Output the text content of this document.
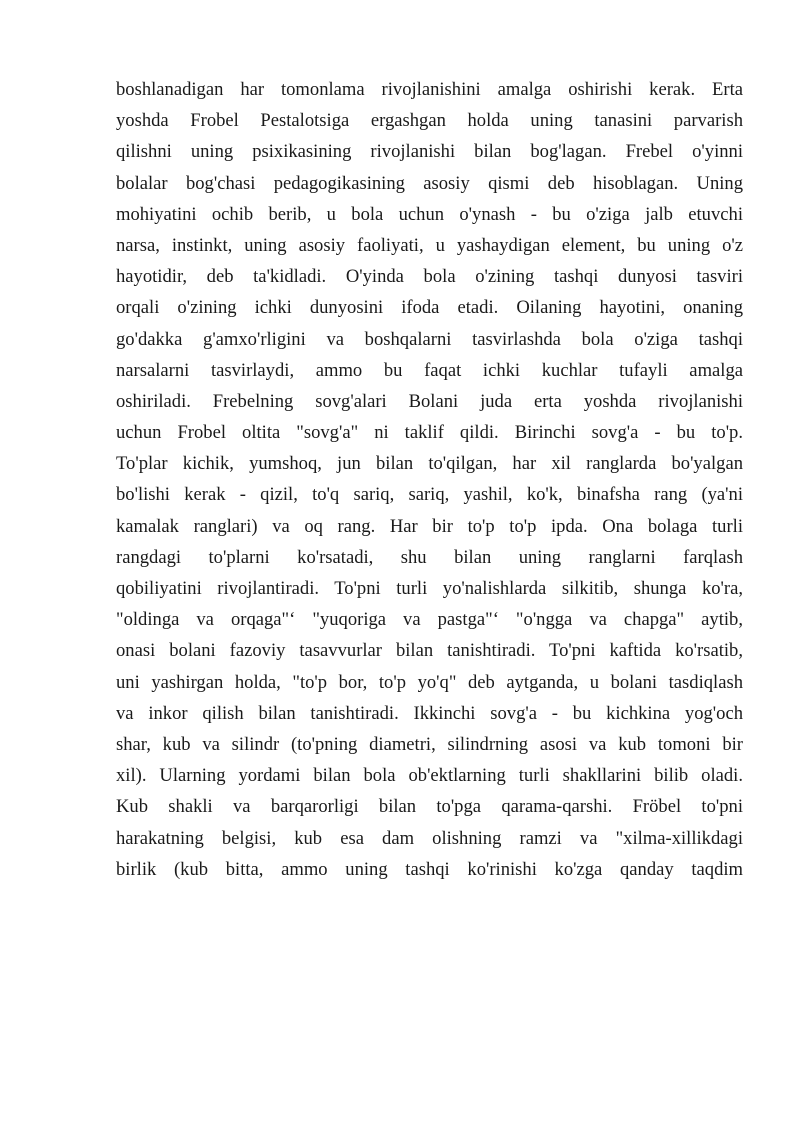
boshlanadigan har tomonlama rivojlanishini amalga oshirishi kerak. Erta
yoshda Frobel Pestalotsiga ergashgan holda uning tanasini parvarish
qilishni uning psixikasining rivojlanishi bilan bog'lagan. Frebel o'yinni
bolalar bog'chasi pedagogikasining asosiy qismi deb hisoblagan. Uning
mohiyatini ochib berib, u bola uchun o'ynash - bu o'ziga jalb etuvchi
narsa, instinkt, uning asosiy faoliyati, u yashaydigan element, bu uning o'z
hayotidir, deb ta'kidladi. O'yinda bola o'zining tashqi dunyosi tasviri
orqali o'zining ichki dunyosini ifoda etadi. Oilaning hayotini, onaning
go'dakka g'amxo'rligini va boshqalarni tasvirlashda bola o'ziga tashqi
narsalarni tasvirlaydi, ammo bu faqat ichki kuchlar tufayli amalga
oshiriladi. Frebelning sovg'alari Bolani juda erta yoshda rivojlanishi
uchun Frobel oltita "sovg'a" ni taklif qildi. Birinchi sovg'a - bu to'p.
To'plar kichik, yumshoq, jun bilan to'qilgan, har xil ranglarda bo'yalgan
bo'lishi kerak - qizil, to'q sariq, sariq, yashil, ko'k, binafsha rang (ya'ni
kamalak ranglari) va oq rang. Har bir to'p to'p ipda. Ona bolaga turli
rangdagi to'plarni ko'rsatadi, shu bilan uning ranglarni farqlash
qobiliyatini rivojlantiradi. To'pni turli yo'nalishlarda silkitib, shunga ko'ra,
"oldinga va orqaga"‘ "yuqoriga va pastga"‘ "o'ngga va chapga" aytib,
onasi bolani fazoviy tasavvurlar bilan tanishtiradi. To'pni kaftida ko'rsatib,
uni yashirgan holda, "to'p bor, to'p yo'q" deb aytganda, u bolani tasdiqlash
va inkor qilish bilan tanishtiradi. Ikkinchi sovg'a - bu kichkina yog'och
shar, kub va silindr (to'pning diametri, silindrning asosi va kub tomoni bir
xil). Ularning yordami bilan bola ob'ektlarning turli shakllarini bilib oladi.
Kub shakli va barqarorligi bilan to'pga qarama-qarshi. Fröbel to'pni
harakatning belgisi, kub esa dam olishning ramzi va "xilma-xillikdagi
birlik (kub bitta, ammo uning tashqi ko'rinishi ko'zga qanday taqdim
